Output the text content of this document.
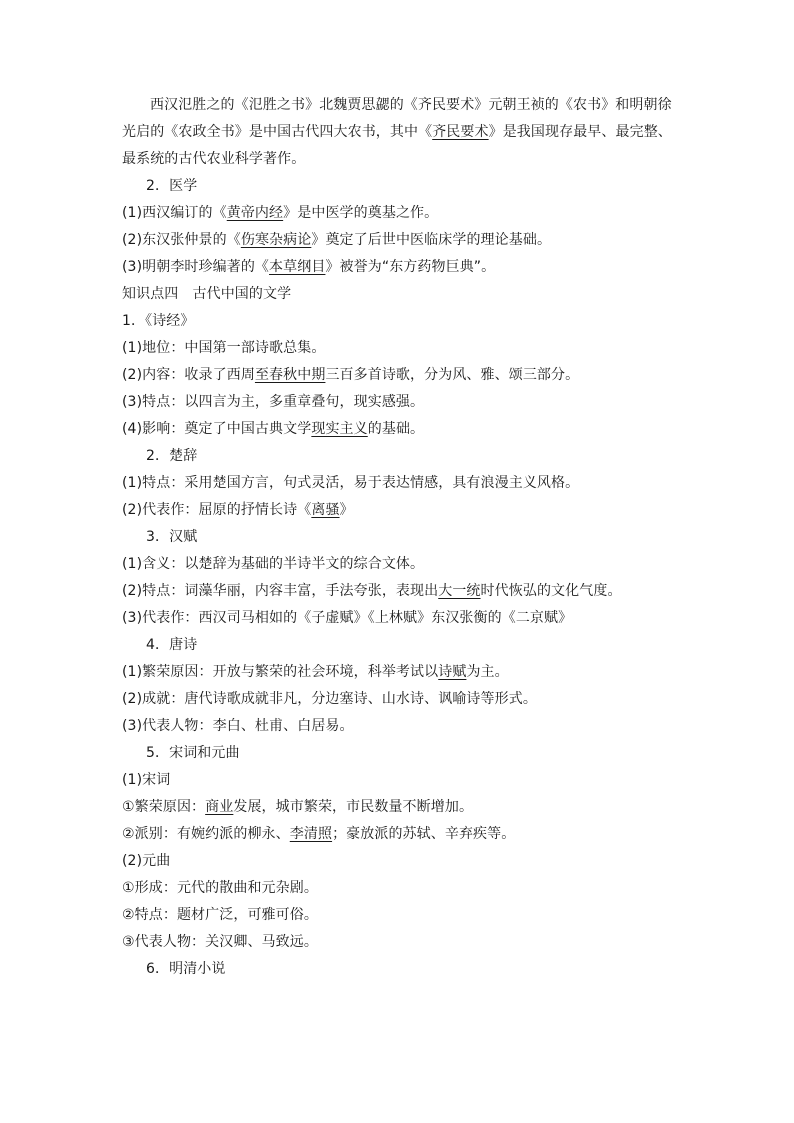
西汉氾胜之的《氾胜之书》北魏贾思勰的《齐民要术》元朝王祯的《农书》和明朝徐
光启的《农政全书》是中国古代四大农书，其中《齐民要术》是我国现存最早、最完整、
最系统的古代农业科学著作。
2．医学
(1)西汉编订的《黄帝内经》是中医学的奠基之作。
(2)东汉张仲景的《伤寒杂病论》奠定了后世中医临床学的理论基础。
(3)明朝李时珍编著的《本草纲目》被誉为“东方药物巨典”。
知识点四　古代中国的文学
1．《诗经》
(1)地位：中国第一部诗歌总集。
(2)内容：收录了西周至春秋中期三百多首诗歌，分为风、雅、颂三部分。
(3)特点：以四言为主，多重章叠句，现实感强。
(4)影响：奠定了中国古典文学现实主义的基础。
2．楚辞
(1)特点：采用楚国方言，句式灵活，易于表达情感，具有浪漫主义风格。
(2)代表作：屈原的抒情长诗《离骚》
3．汉赋
(1)含义：以楚辞为基础的半诗半文的综合文体。
(2)特点：词藻华丽，内容丰富，手法夸张，表现出大一统时代恢弘的文化气度。
(3)代表作：西汉司马相如的《子虚赋》《上林赋》东汉张衡的《二京赋》
4．唐诗
(1)繁荣原因：开放与繁荣的社会环境，科举考试以诗赋为主。
(2)成就：唐代诗歌成就非凡，分边塞诗、山水诗、讽喻诗等形式。
(3)代表人物：李白、杜甫、白居易。
5．宋词和元曲
(1)宋词
①繁荣原因：商业发展，城市繁荣，市民数量不断增加。
②派别：有婉约派的柳永、李清照；豪放派的苏轼、辛弃疾等。
(2)元曲
①形成：元代的散曲和元杂剧。
②特点：题材广泛，可雅可俗。
③代表人物：关汉卿、马致远。
6．明清小说
